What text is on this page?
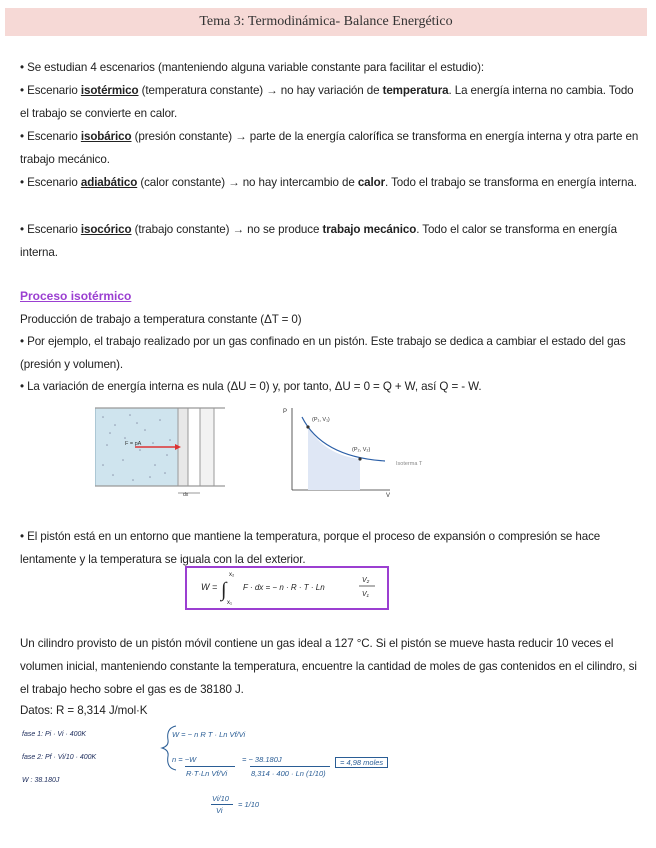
Tema 3: Termodinámica- Balance Energético
• Se estudian 4 escenarios (manteniendo alguna variable constante para facilitar el estudio):
• Escenario isotérmico (temperatura constante) → no hay variación de temperatura. La energía interna no cambia. Todo el trabajo se convierte en calor.
• Escenario isobárico (presión constante) → parte de la energía calorífica se transforma en energía interna y otra parte en trabajo mecánico.
• Escenario adiabático (calor constante) → no hay intercambio de calor. Todo el trabajo se transforma en energía interna.
• Escenario isocórico (trabajo constante) → no se produce trabajo mecánico. Todo el calor se transforma en energía interna.
Proceso isotérmico
Producción de trabajo a temperatura constante (ΔT = 0)
• Por ejemplo, el trabajo realizado por un gas confinado en un pistón. Este trabajo se dedica a cambiar el estado del gas (presión y volumen).
• La variación de energía interna es nula (ΔU = 0) y, por tanto, ΔU = 0 = Q + W, así Q = - W.
F = pA
dx
P
V
(P₁, V₁)
(P₂, V₂)
Isoterma T
• El pistón está en un entorno que mantiene la temperatura, porque el proceso de expansión o compresión se hace lentamente y la temperatura se iguala con la del exterior.
W = ∫
x₂
x₁
F · dx = − n · R · T · Ln
V₂
V₁
Un cilindro provisto de un pistón móvil contiene un gas ideal a 127 °C. Si el pistón se mueve hasta reducir 10 veces el volumen inicial, manteniendo constante la temperatura, encuentre la cantidad de moles de gas contenidos en el cilindro, si el trabajo hecho sobre el gas es de 38180 J.
Datos: R = 8,314 J/mol·K
fase 1: Pi · Vi · 400K
fase 2: Pf · Vi/10 · 400K
W : 38.180J
W = − n R T · Ln Vf/Vi
n = −W
R·T·Ln Vf/Vi
= − 38.180J
8,314 · 400 · Ln (1/10)
= 4,98 moles
Vi/10
Vi
= 1/10
